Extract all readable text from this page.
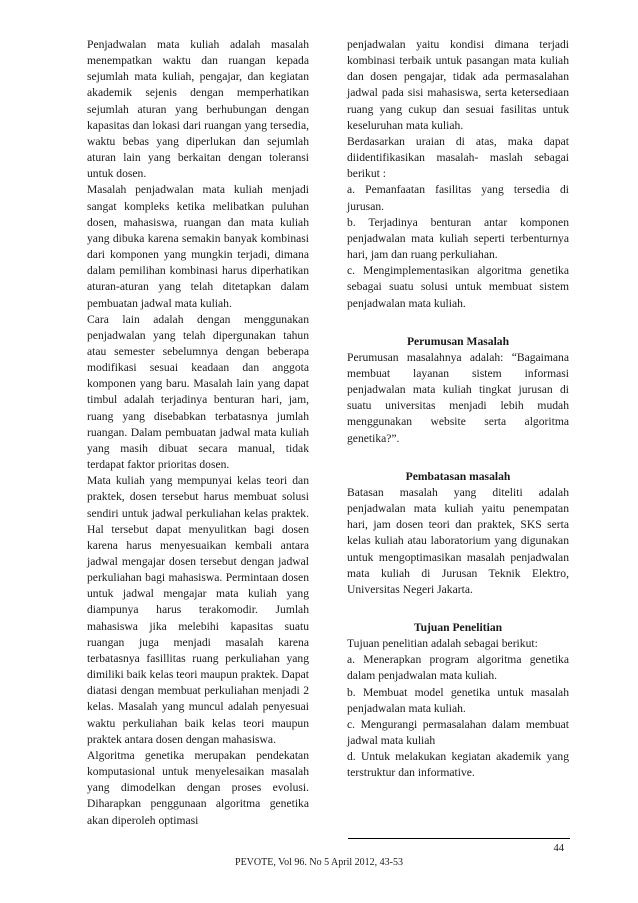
Penjadwalan mata kuliah adalah masalah menempatkan waktu dan ruangan kepada sejumlah mata kuliah, pengajar, dan kegiatan akademik sejenis dengan memperhatikan sejumlah aturan yang berhubungan dengan kapasitas dan lokasi dari ruangan yang tersedia, waktu bebas yang diperlukan dan sejumlah aturan lain yang berkaitan dengan toleransi untuk dosen.

Masalah penjadwalan mata kuliah menjadi sangat kompleks ketika melibatkan puluhan dosen, mahasiswa, ruangan dan mata kuliah yang dibuka karena semakin banyak kombinasi dari komponen yang mungkin terjadi, dimana dalam pemilihan kombinasi harus diperhatikan aturan-aturan yang telah ditetapkan dalam pembuatan jadwal mata kuliah.

Cara lain adalah dengan menggunakan penjadwalan yang telah dipergunakan tahun atau semester sebelumnya dengan beberapa modifikasi sesuai keadaan dan anggota komponen yang baru. Masalah lain yang dapat timbul adalah terjadinya benturan hari, jam, ruang yang disebabkan terbatasnya jumlah ruangan. Dalam pembuatan jadwal mata kuliah yang masih dibuat secara manual, tidak terdapat faktor prioritas dosen.

Mata kuliah yang mempunyai kelas teori dan praktek, dosen tersebut harus membuat solusi sendiri untuk jadwal perkuliahan kelas praktek. Hal tersebut dapat menyulitkan bagi dosen karena harus menyesuaikan kembali antara jadwal mengajar dosen tersebut dengan jadwal perkuliahan bagi mahasiswa. Permintaan dosen untuk jadwal mengajar mata kuliah yang diampunya harus terakomodir. Jumlah mahasiswa jika melebihi kapasitas suatu ruangan juga menjadi masalah karena terbatasnya fasillitas ruang perkuliahan yang dimiliki baik kelas teori maupun praktek. Dapat diatasi dengan membuat perkuliahan menjadi 2 kelas. Masalah yang muncul adalah penyesuai waktu perkuliahan baik kelas teori maupun praktek antara dosen dengan mahasiswa.

Algoritma genetika merupakan pendekatan komputasional untuk menyelesaikan masalah yang dimodelkan dengan proses evolusi. Diharapkan penggunaan algoritma genetika akan diperoleh optimasi

penjadwalan yaitu kondisi dimana terjadi kombinasi terbaik untuk pasangan mata kuliah dan dosen pengajar, tidak ada permasalahan jadwal pada sisi mahasiswa, serta ketersediaan ruang yang cukup dan sesuai fasilitas untuk keseluruhan mata kuliah.

Berdasarkan uraian di atas, maka dapat diidentifikasikan masalah- maslah sebagai berikut :

a. Pemanfaatan fasilitas yang tersedia di jurusan.

b. Terjadinya benturan antar komponen penjadwalan mata kuliah seperti terbenturnya hari, jam dan ruang perkuliahan.

c. Mengimplementasikan algoritma genetika sebagai suatu solusi untuk membuat sistem penjadwalan mata kuliah.

Perumusan Masalah

Perumusan masalahnya adalah: “Bagaimana membuat layanan sistem informasi penjadwalan mata kuliah tingkat jurusan di suatu universitas menjadi lebih mudah menggunakan website serta algoritma genetika?”.

Pembatasan masalah

Batasan masalah yang diteliti adalah penjadwalan mata kuliah yaitu penempatan hari, jam dosen teori dan praktek, SKS serta kelas kuliah atau laboratorium yang digunakan untuk mengoptimasikan masalah penjadwalan mata kuliah di Jurusan Teknik Elektro, Universitas Negeri Jakarta.

Tujuan Penelitian

Tujuan penelitian adalah sebagai berikut:

a. Menerapkan program algoritma genetika dalam penjadwalan mata kuliah.

b. Membuat model genetika untuk masalah penjadwalan mata kuliah.

c. Mengurangi permasalahan dalam membuat jadwal mata kuliah

d. Untuk melakukan kegiatan akademik yang terstruktur dan informative.

44
PEVOTE, Vol 96. No 5 April 2012, 43-53
